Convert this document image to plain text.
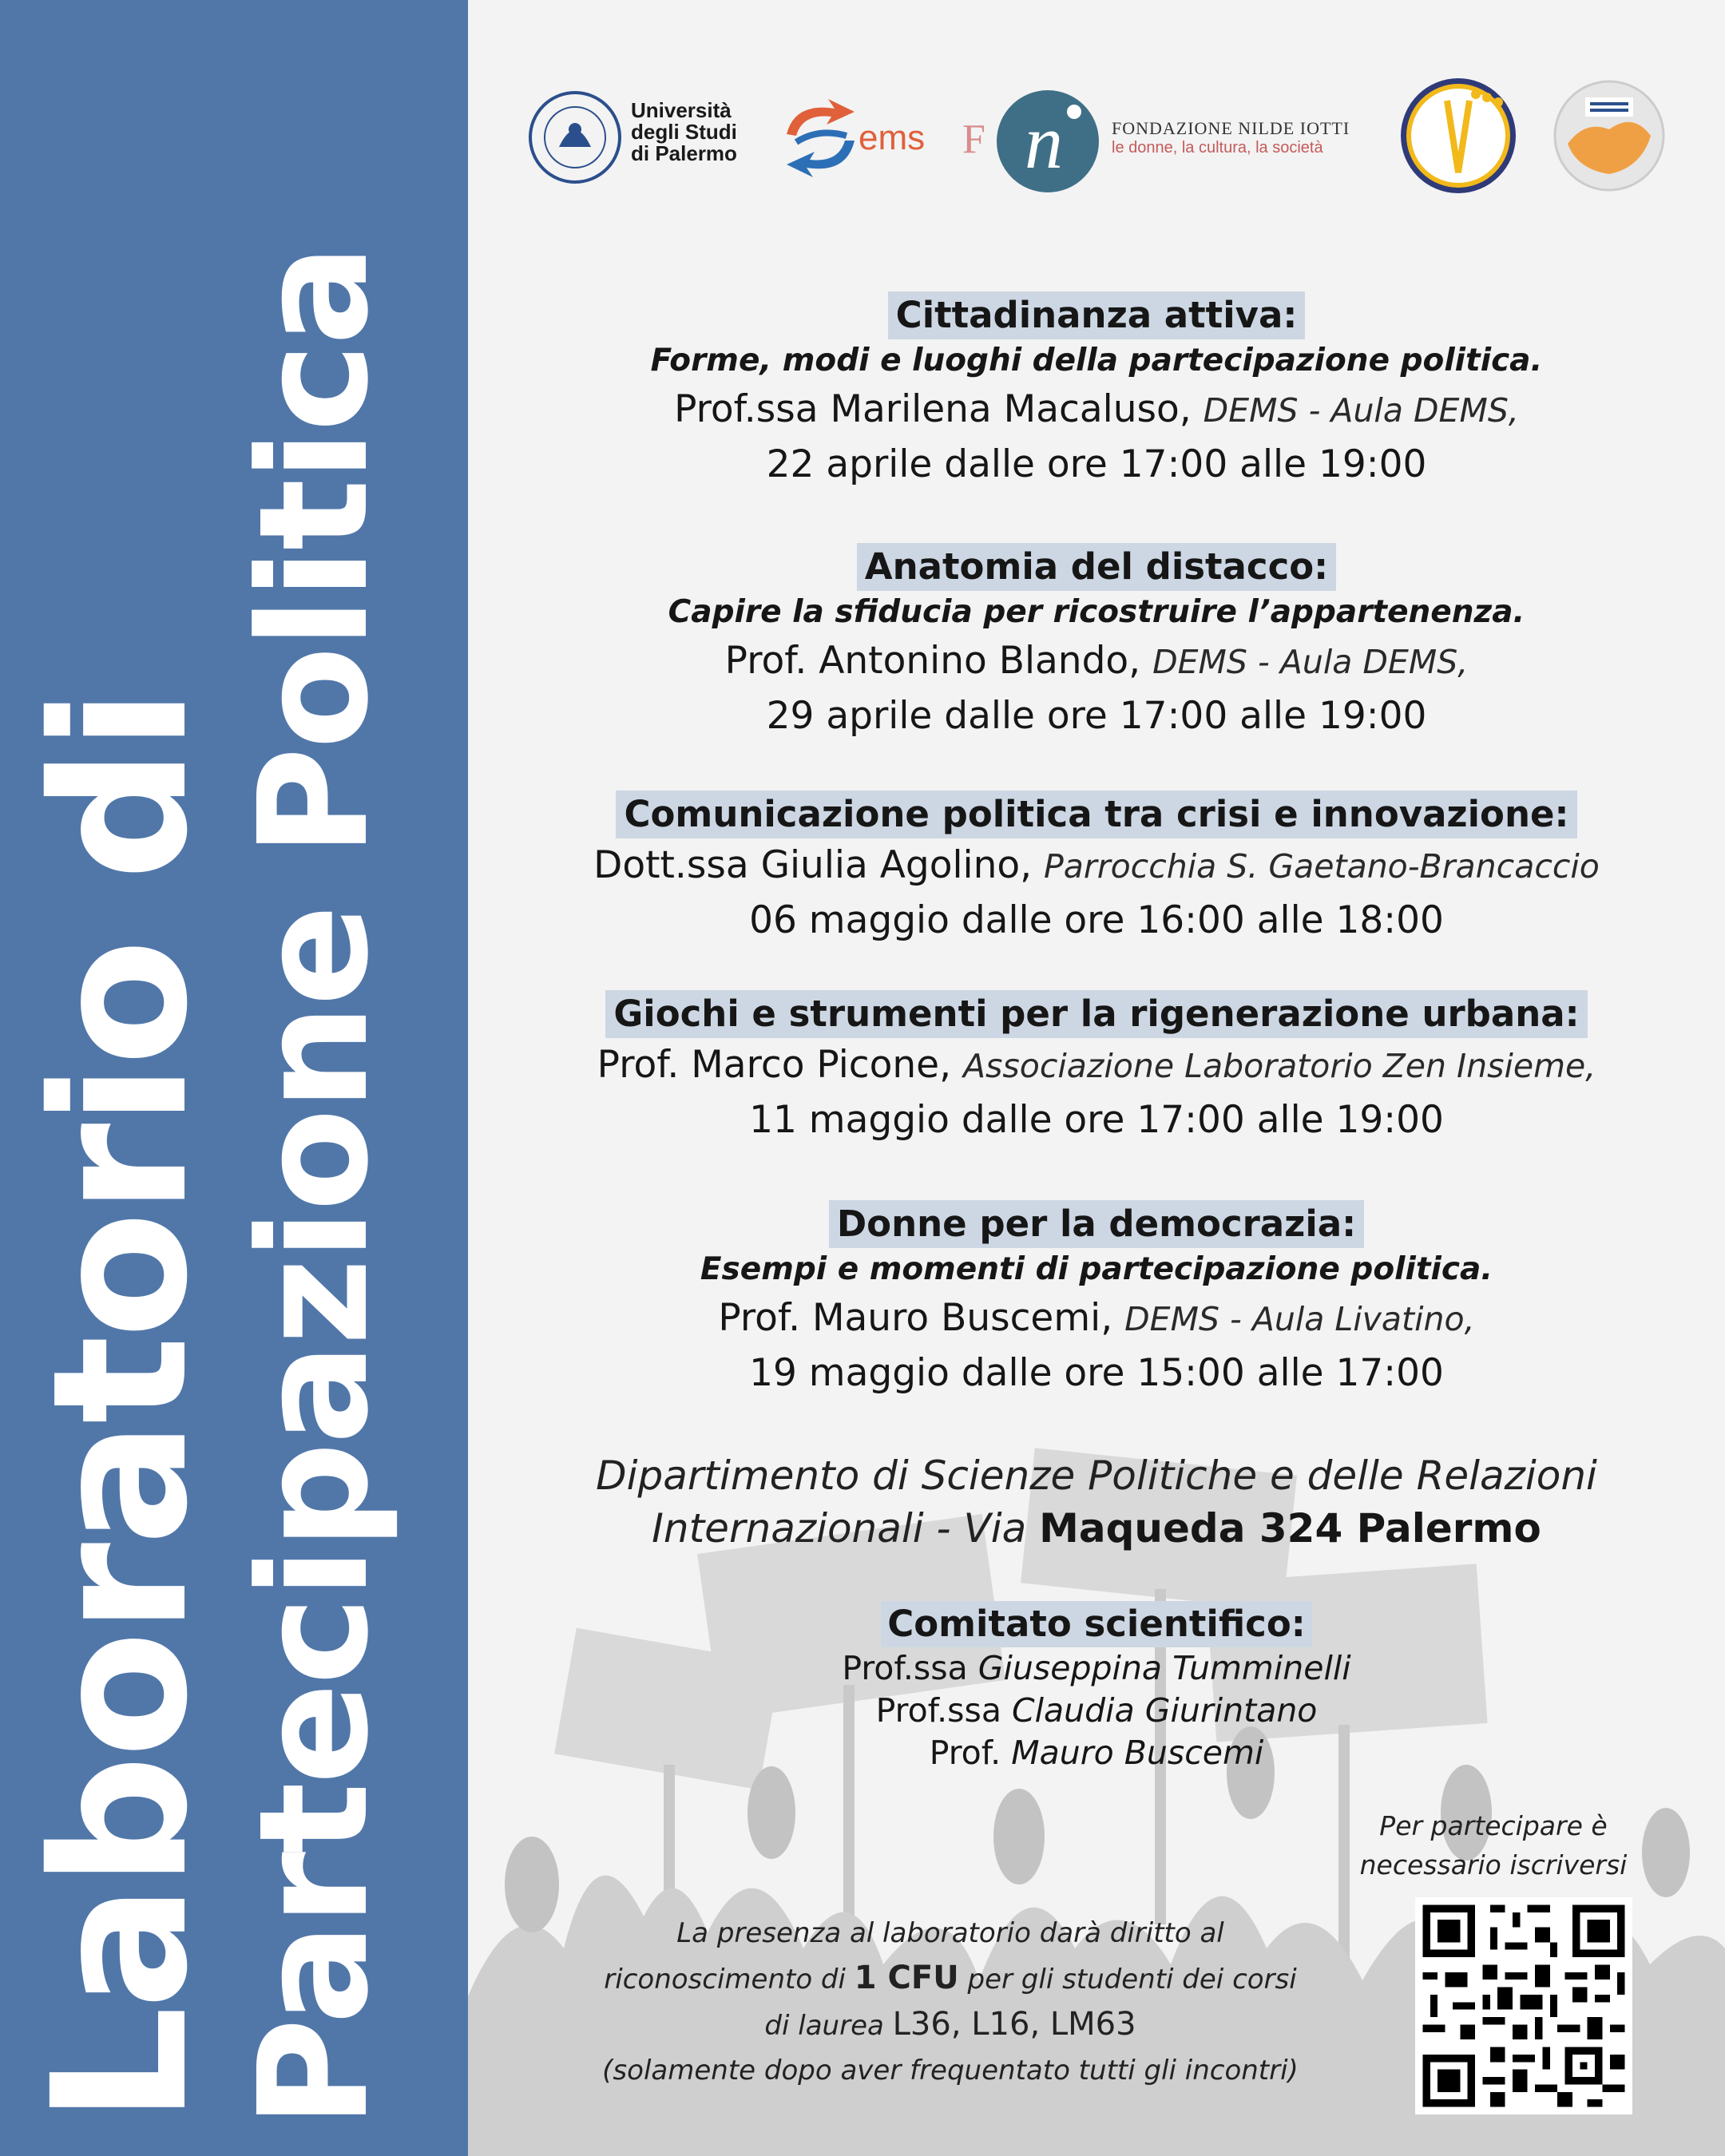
Laboratorio di
Partecipazione Politica
Università
degli Studi
di Palermo	ems F n	FONDAZIONE NILDE IOTTI
le donne, la cultura, la società
Cittadinanza attiva:
Forme, modi e luoghi della partecipazione politica.
Prof.ssa Marilena Macaluso, DEMS - Aula DEMS,
22 aprile dalle ore 17:00 alle 19:00
Anatomia del distacco:
Capire la sfiducia per ricostruire l’appartenenza.
Prof. Antonino Blando, DEMS - Aula DEMS,
29 aprile dalle ore 17:00 alle 19:00
Comunicazione politica tra crisi e innovazione:
Dott.ssa Giulia Agolino, Parrocchia S. Gaetano-Brancaccio
06 maggio dalle ore 16:00 alle 18:00
Giochi e strumenti per la rigenerazione urbana:
Prof. Marco Picone, Associazione Laboratorio Zen Insieme,
11 maggio dalle ore 17:00 alle 19:00
Donne per la democrazia:
Esempi e momenti di partecipazione politica.
Prof. Mauro Buscemi, DEMS - Aula Livatino,
19 maggio dalle ore 15:00 alle 17:00
Dipartimento di Scienze Politiche e delle Relazioni
Internazionali - Via Maqueda 324 Palermo
Comitato scientifico:
Prof.ssa Giuseppina Tumminelli
Prof.ssa Claudia Giurintano
Prof. Mauro Buscemi
La presenza al laboratorio darà diritto al
riconoscimento di 1 CFU per gli studenti dei corsi
di laurea L36, L16, LM63
(solamente dopo aver frequentato tutti gli incontri)
Per partecipare è
necessario iscriversi
